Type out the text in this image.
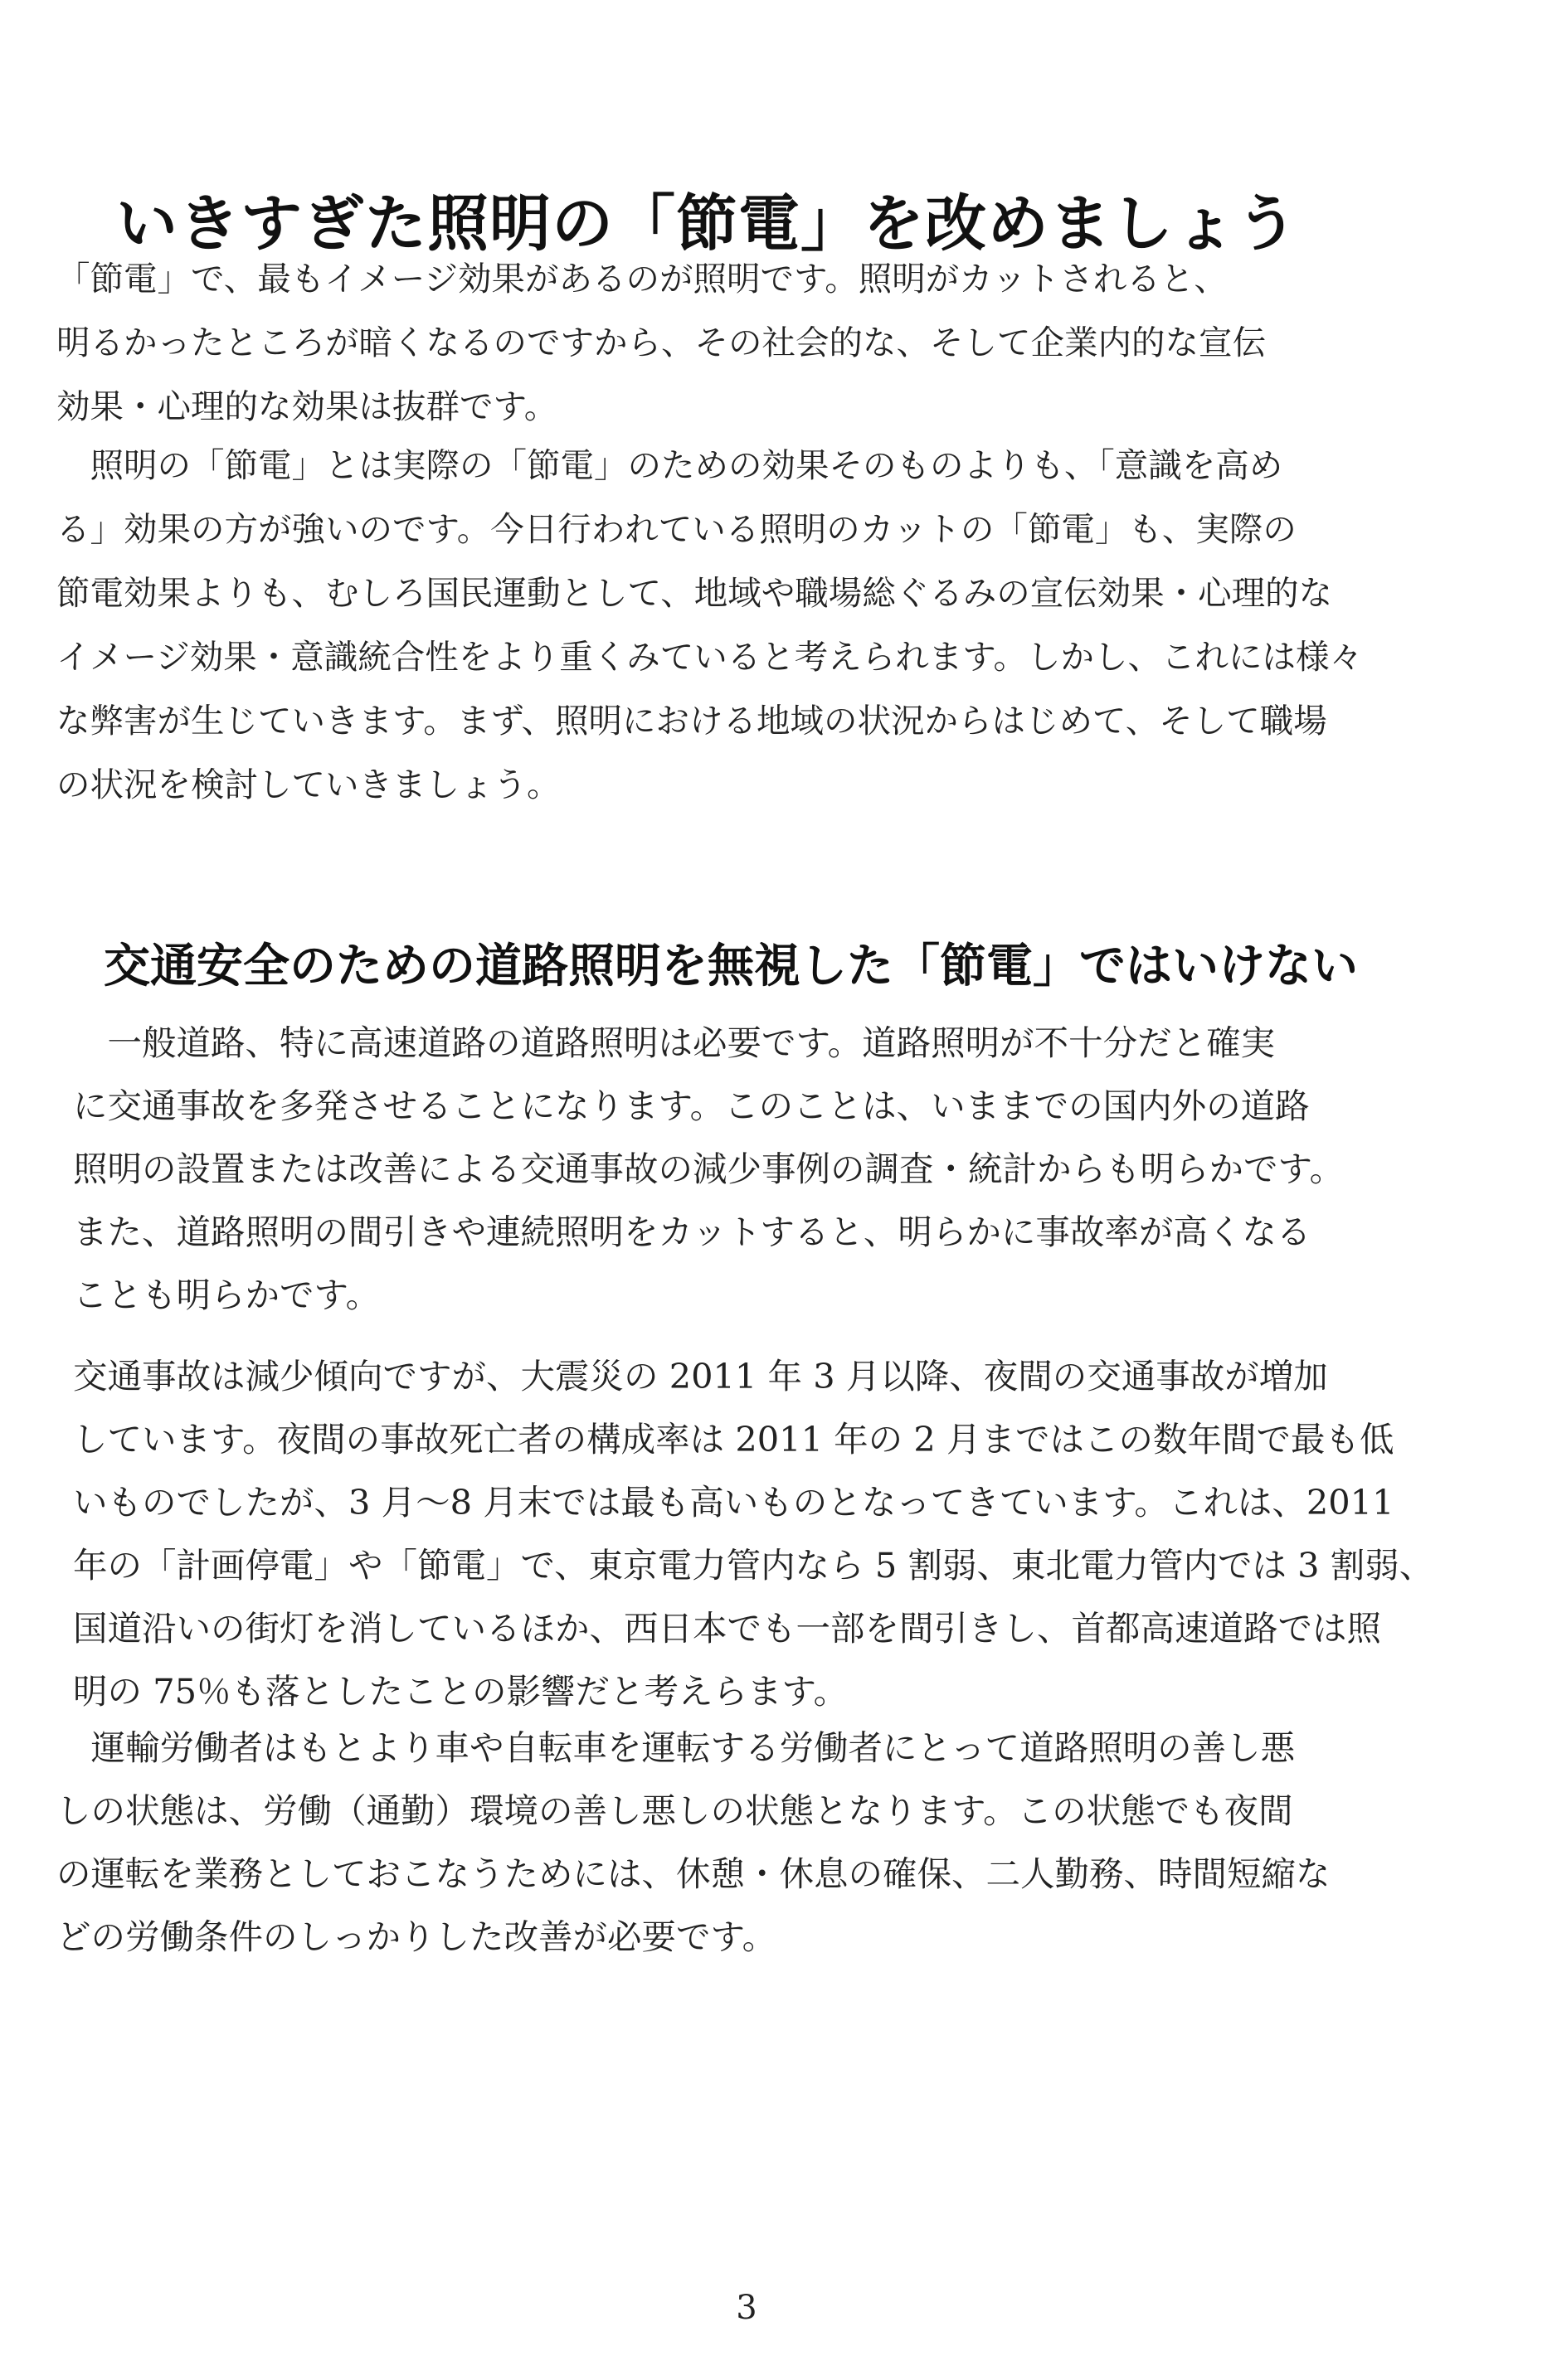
いきすぎた照明の「節電」を改めましょう

「節電」で、最もイメージ効果があるのが照明です。照明がカットされると、
明るかったところが暗くなるのですから、その社会的な、そして企業内的な宣伝
効果・心理的な効果は抜群です。

　照明の「節電」とは実際の「節電」のための効果そのものよりも、「意識を高め
る」効果の方が強いのです。今日行われている照明のカットの「節電」も、実際の
節電効果よりも、むしろ国民運動として、地域や職場総ぐるみの宣伝効果・心理的な
イメージ効果・意識統合性をより重くみていると考えられます。しかし、これには様々
な弊害が生じていきます。まず、照明における地域の状況からはじめて、そして職場
の状況を検討していきましょう。

交通安全のための道路照明を無視した「節電」ではいけない

　一般道路、特に高速道路の道路照明は必要です。道路照明が不十分だと確実
に交通事故を多発させることになります。このことは、いままでの国内外の道路
照明の設置または改善による交通事故の減少事例の調査・統計からも明らかです。
また、道路照明の間引きや連続照明をカットすると、明らかに事故率が高くなる
ことも明らかです。

交通事故は減少傾向ですが、大震災の 2011 年 3 月以降、夜間の交通事故が増加
しています。夜間の事故死亡者の構成率は 2011 年の 2 月まではこの数年間で最も低
いものでしたが、3 月～8 月末では最も高いものとなってきています。これは、2011
年の「計画停電」や「節電」で、東京電力管内なら 5 割弱、東北電力管内では 3 割弱、
国道沿いの街灯を消しているほか、西日本でも一部を間引きし、首都高速道路では照
明の 75％も落としたことの影響だと考えらます。

　運輸労働者はもとより車や自転車を運転する労働者にとって道路照明の善し悪
しの状態は、労働（通勤）環境の善し悪しの状態となります。この状態でも夜間
の運転を業務としておこなうためには、休憩・休息の確保、二人勤務、時間短縮な
どの労働条件のしっかりした改善が必要です。

3
